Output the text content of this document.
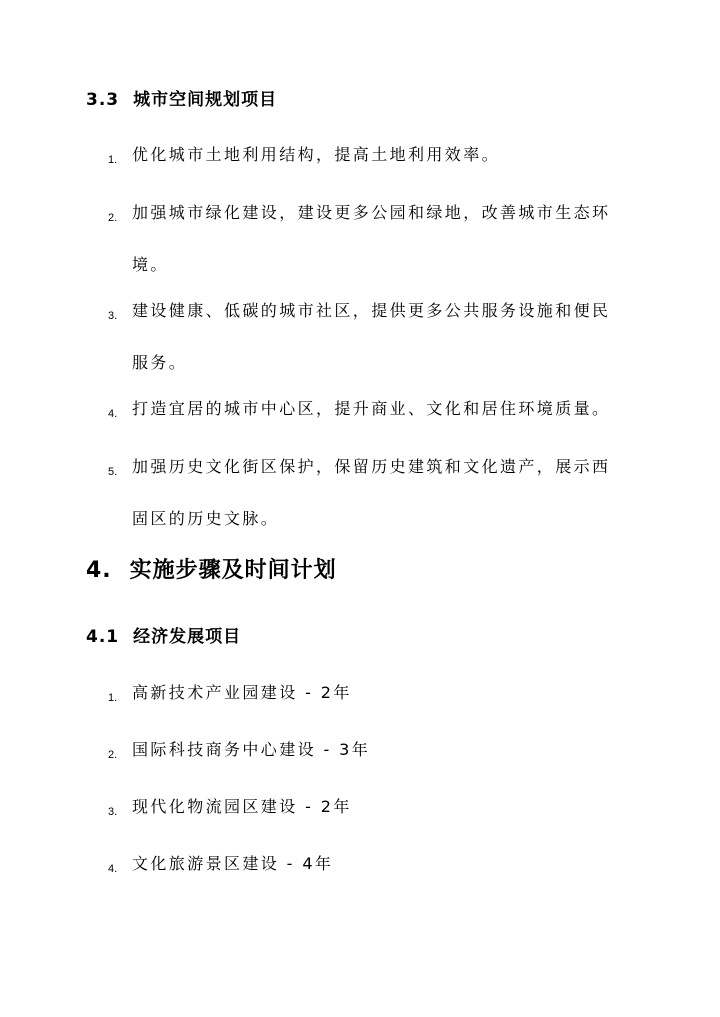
3.3 城市空间规划项目
1. 优化城市土地利用结构，提高土地利用效率。
2. 加强城市绿化建设，建设更多公园和绿地，改善城市生态环境。
3. 建设健康、低碳的城市社区，提供更多公共服务设施和便民服务。
4. 打造宜居的城市中心区，提升商业、文化和居住环境质量。
5. 加强历史文化街区保护，保留历史建筑和文化遗产，展示西固区的历史文脉。
4. 实施步骤及时间计划
4.1 经济发展项目
1. 高新技术产业园建设 - 2年
2. 国际科技商务中心建设 - 3年
3. 现代化物流园区建设 - 2年
4. 文化旅游景区建设 - 4年
